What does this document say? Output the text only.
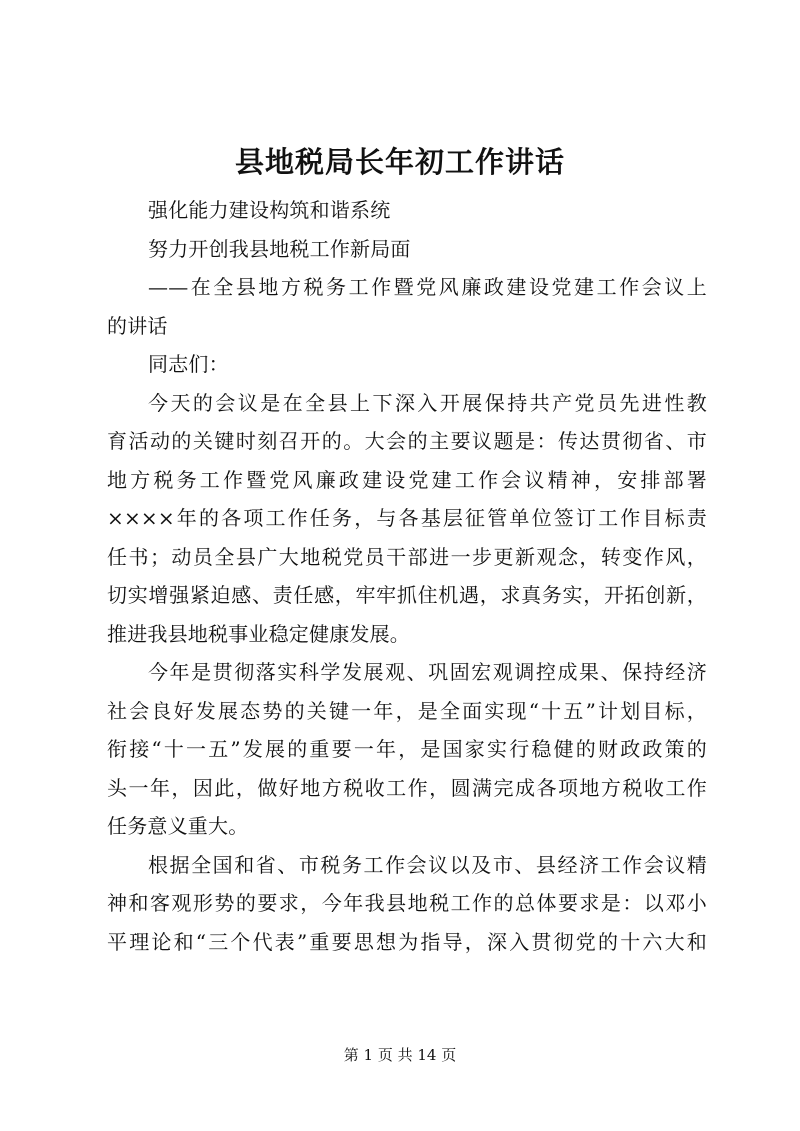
县地税局长年初工作讲话
强化能力建设构筑和谐系统
努力开创我县地税工作新局面
——在全县地方税务工作暨党风廉政建设党建工作会议上
的讲话
同志们：
今天的会议是在全县上下深入开展保持共产党员先进性教
育活动的关键时刻召开的。大会的主要议题是：传达贯彻省、市
地方税务工作暨党风廉政建设党建工作会议精神，安排部署
××××年的各项工作任务，与各基层征管单位签订工作目标责
任书；动员全县广大地税党员干部进一步更新观念，转变作风，
切实增强紧迫感、责任感，牢牢抓住机遇，求真务实，开拓创新，
推进我县地税事业稳定健康发展。
今年是贯彻落实科学发展观、巩固宏观调控成果、保持经济
社会良好发展态势的关键一年，是全面实现“十五”计划目标，
衔接“十一五”发展的重要一年，是国家实行稳健的财政政策的
头一年，因此，做好地方税收工作，圆满完成各项地方税收工作
任务意义重大。
根据全国和省、市税务工作会议以及市、县经济工作会议精
神和客观形势的要求，今年我县地税工作的总体要求是：以邓小
平理论和“三个代表”重要思想为指导，深入贯彻党的十六大和
第 1 页 共 14 页
